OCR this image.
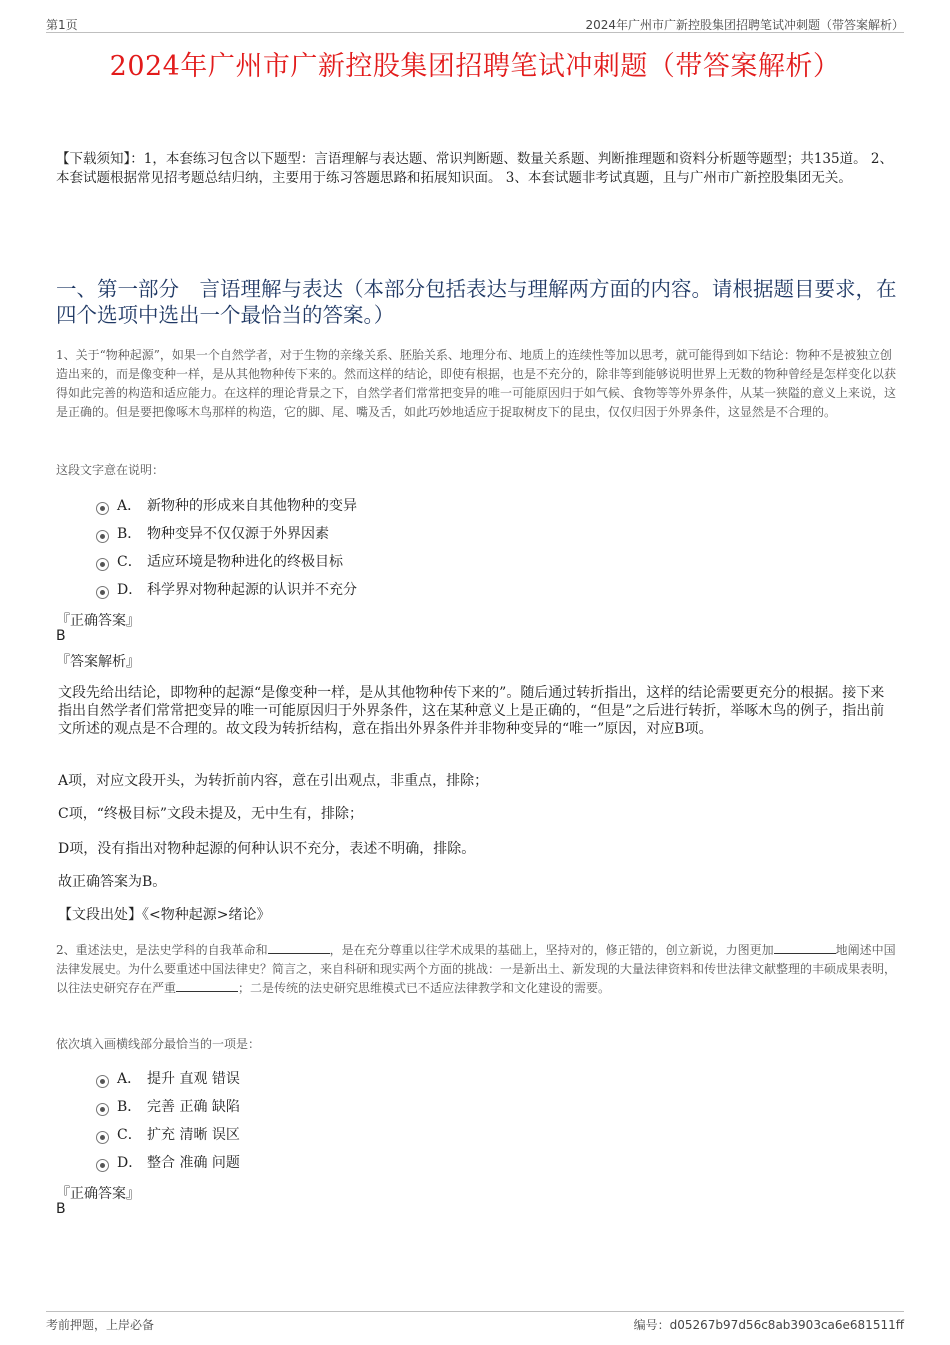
第1页	2024年广州市广新控股集团招聘笔试冲刺题（带答案解析）
2024年广州市广新控股集团招聘笔试冲刺题（带答案解析）
【下载须知】：1，本套练习包含以下题型：言语理解与表达题、常识判断题、数量关系题、判断推理题和资料分析题等题型；共135道。 2、本套试题根据常见招考题总结归纳，主要用于练习答题思路和拓展知识面。 3、本套试题非考试真题，且与广州市广新控股集团无关。
一、第一部分　言语理解与表达（本部分包括表达与理解两方面的内容。请根据题目要求，在四个选项中选出一个最恰当的答案。）
1、关于“物种起源”，如果一个自然学者，对于生物的亲缘关系、胚胎关系、地理分布、地质上的连续性等加以思考，就可能得到如下结论：物种不是被独立创造出来的，而是像变种一样，是从其他物种传下来的。然而这样的结论，即使有根据，也是不充分的，除非等到能够说明世界上无数的物种曾经是怎样变化以获得如此完善的构造和适应能力。在这样的理论背景之下，自然学者们常常把变异的唯一可能原因归于如气候、食物等等外界条件，从某一狭隘的意义上来说，这是正确的。但是要把像啄木鸟那样的构造，它的脚、尾、嘴及舌，如此巧妙地适应于捉取树皮下的昆虫，仅仅归因于外界条件，这显然是不合理的。
这段文字意在说明：
A． 新物种的形成来自其他物种的变异
B． 物种变异不仅仅源于外界因素
C． 适应环境是物种进化的终极目标
D． 科学界对物种起源的认识并不充分
『正确答案』
B
『答案解析』
文段先给出结论，即物种的起源“是像变种一样，是从其他物种传下来的”。随后通过转折指出，这样的结论需要更充分的根据。接下来指出自然学者们常常把变异的唯一可能原因归于外界条件，这在某种意义上是正确的，“但是”之后进行转折，举啄木鸟的例子，指出前文所述的观点是不合理的。故文段为转折结构，意在指出外界条件并非物种变异的“唯一”原因，对应B项。
A项，对应文段开头，为转折前内容，意在引出观点，非重点，排除；
C项，“终极目标”文段未提及，无中生有，排除；
D项，没有指出对物种起源的何种认识不充分，表述不明确，排除。
故正确答案为B。
【文段出处】《<物种起源>绪论》
2、重述法史，是法史学科的自我革命和	，是在充分尊重以往学术成果的基础上，坚持对的，修正错的，创立新说，力图更加	地阐述中国法律发展史。为什么要重述中国法律史？简言之，来自科研和现实两个方面的挑战：一是新出土、新发现的大量法律资料和传世法律文献整理的丰硕成果表明，以往法史研究存在严重	；二是传统的法史研究思维模式已不适应法律教学和文化建设的需要。
依次填入画横线部分最恰当的一项是：
A． 提升 直观 错误
B． 完善 正确 缺陷
C． 扩充 清晰 误区
D． 整合 准确 问题
『正确答案』
B
考前押题，上岸必备	编号：d05267b97d56c8ab3903ca6e681511ff
